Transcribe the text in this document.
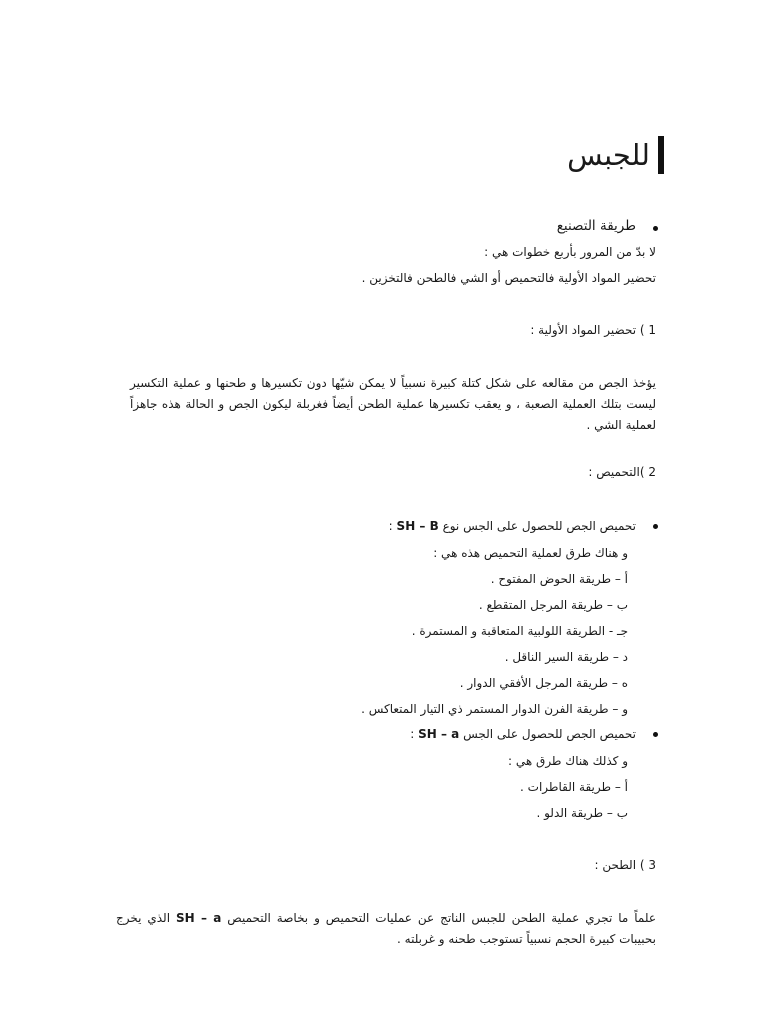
للجبس
طريقة التصنيع
لا بدّ من المرور بأربع خطوات هي :
تحضير المواد الأولية فالتحميص أو الشي فالطحن فالتخزين .
1 ) تحضير المواد الأولية :

يؤخذ الجص من مقالعه على شكل كتلة كبيرة نسبياً لا يمكن شيّها دون تكسيرها و طحنها و عملية التكسير ليست بتلك العملية الصعبة ، و يعقب تكسيرها عملية الطحن أيضاً فغربلة ليكون الجص و الحالة هذه جاهزاً لعملية الشي .

2 )التحميص :
تحميص الجص للحصول على الجس نوع SH – B :
و هناك طرق لعملية التحميص هذه هي :
أ – طريقة الحوض المفتوح .
ب – طريقة المرجل المتقطع .
جـ - الطريقة اللولبية المتعاقبة و المستمرة .
د – طريقة السير الناقل .
ه – طريقة المرجل الأفقي الدوار .
و – طريقة الفرن الدوار المستمر ذي التيار المتعاكس .
تحميص الجص للحصول على الجس SH – a :
و كذلك هناك طرق هي :
أ – طريقة القاطرات .
ب – طريقة الدلو .
3 ) الطحن :

علماً ما تجري عملية الطحن للجبس الناتج عن عمليات التحميص و بخاصة التحميص SH – a الذي يخرج بحبيبات كبيرة الحجم نسبياً تستوجب طحنه و غربلته .
